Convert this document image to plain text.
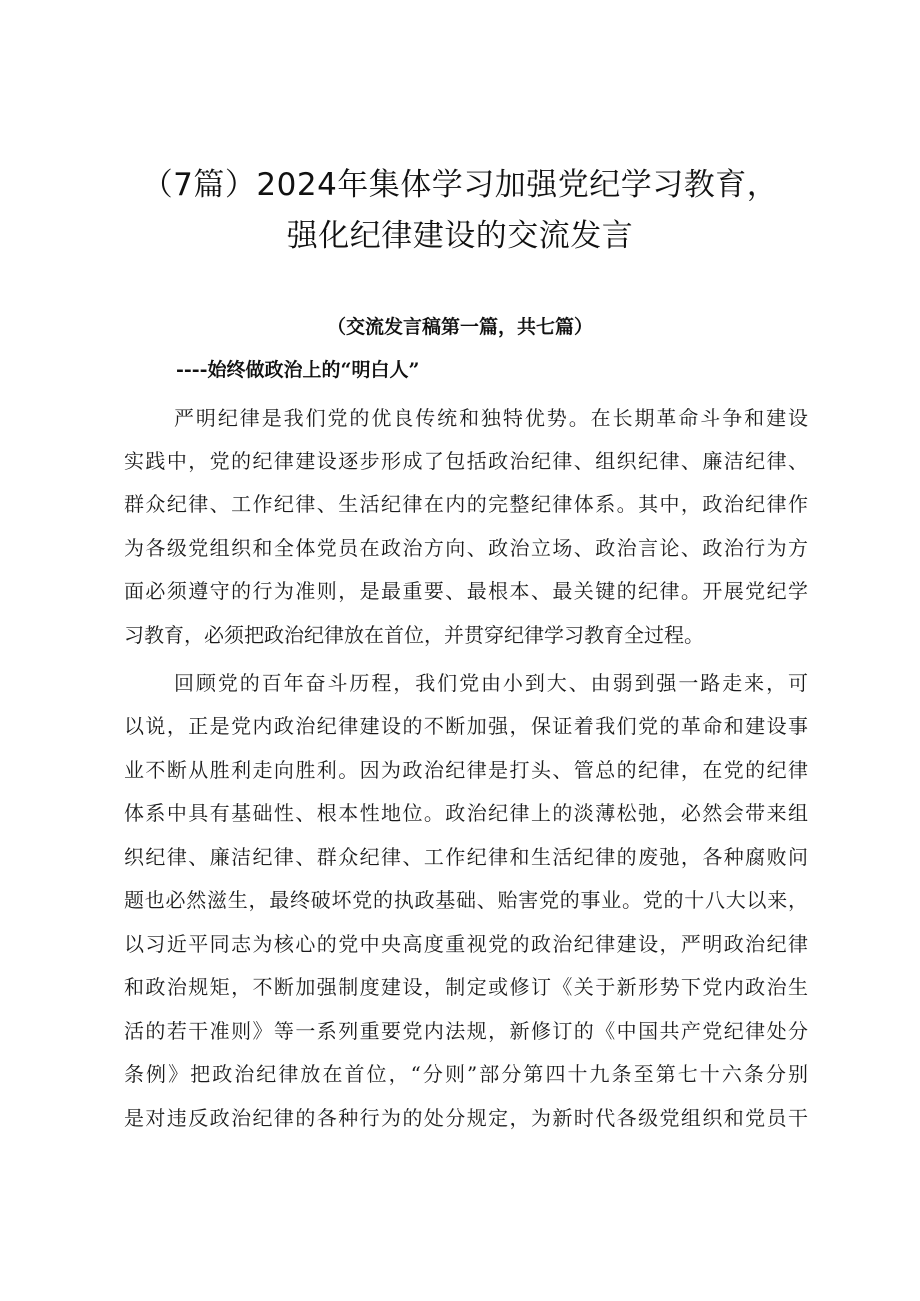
（7篇）2024年集体学习加强党纪学习教育，
强化纪律建设的交流发言
（交流发言稿第一篇，共七篇）
----始终做政治上的“明白人”
严明纪律是我们党的优良传统和独特优势。在长期革命斗争和建设
实践中，党的纪律建设逐步形成了包括政治纪律、组织纪律、廉洁纪律、
群众纪律、工作纪律、生活纪律在内的完整纪律体系。其中，政治纪律作
为各级党组织和全体党员在政治方向、政治立场、政治言论、政治行为方
面必须遵守的行为准则，是最重要、最根本、最关键的纪律。开展党纪学
习教育，必须把政治纪律放在首位，并贯穿纪律学习教育全过程。
回顾党的百年奋斗历程，我们党由小到大、由弱到强一路走来，可
以说，正是党内政治纪律建设的不断加强，保证着我们党的革命和建设事
业不断从胜利走向胜利。因为政治纪律是打头、管总的纪律，在党的纪律
体系中具有基础性、根本性地位。政治纪律上的淡薄松弛，必然会带来组
织纪律、廉洁纪律、群众纪律、工作纪律和生活纪律的废弛，各种腐败问
题也必然滋生，最终破坏党的执政基础、贻害党的事业。党的十八大以来，
以习近平同志为核心的党中央高度重视党的政治纪律建设，严明政治纪律
和政治规矩，不断加强制度建设，制定或修订《关于新形势下党内政治生
活的若干准则》等一系列重要党内法规，新修订的《中国共产党纪律处分
条例》把政治纪律放在首位，“分则”部分第四十九条至第七十六条分别
是对违反政治纪律的各种行为的处分规定，为新时代各级党组织和党员干
